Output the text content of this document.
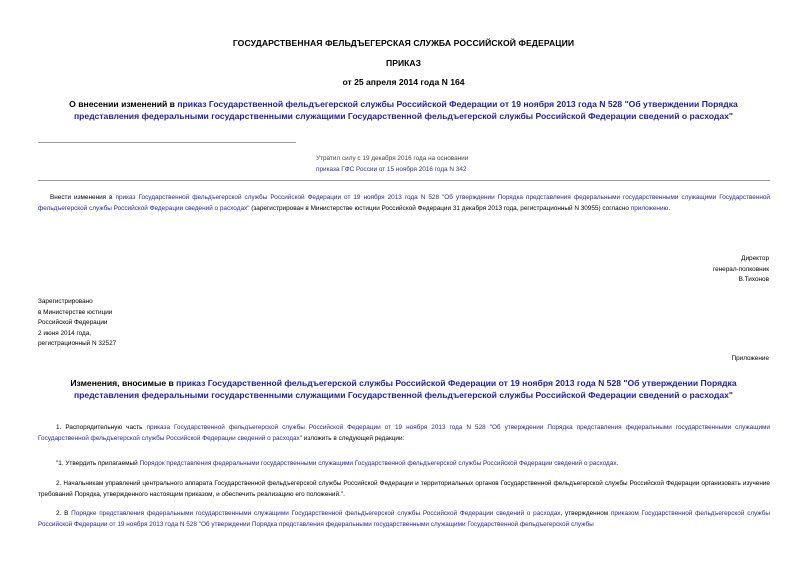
ГОСУДАРСТВЕННАЯ ФЕЛЬДЪЕГЕРСКАЯ СЛУЖБА РОССИЙСКОЙ ФЕДЕРАЦИИ
ПРИКАЗ
от 25 апреля 2014 года N 164
О внесении изменений в приказ Государственной фельдъегерской службы Российской Федерации от 19 ноября 2013 года N 528 "Об утверждении Порядка представления федеральными государственными служащими Государственной фельдъегерской службы Российской Федерации сведений о расходах"
Утратил силу с 19 декабря 2016 года на основании
приказа ГФС России от 15 ноября 2016 года N 342
Внести изменения в приказ Государственной фельдъегерской службы Российской Федерации от 19 ноября 2013 года N 528 "Об утверждении Порядка представления федеральными государственными служащими Государственной фельдъегерской службы Российской Федерации сведений о расходах" (зарегистрирован в Министерстве юстиции Российской Федерации 31 декабря 2013 года, регистрационный N 30955) согласно приложению.
Директор
генерал-полковник
В.Тихонов
Зарегистрировано
в Министерстве юстиции
Российской Федерации
2 июня 2014 года,
регистрационный N 32527
Приложение
Изменения, вносимые в приказ Государственной фельдъегерской службы Российской Федерации от 19 ноября 2013 года N 528 "Об утверждении Порядка представления федеральными государственными служащими Государственной фельдъегерской службы Российской Федерации сведений о расходах"
1. Распорядительную часть приказа Государственной фельдъегерской службы Российской Федерации от 19 ноября 2013 года N 528 "Об утверждении Порядка представления федеральными государственными служащими Государственной фельдъегерской службы Российской Федерации сведений о расходах" изложить в следующей редакции:
"1. Утвердить прилагаемый Порядок представления федеральными государственными служащими Государственной фельдъегерской службы Российской Федерации сведений о расходах.
2. Начальникам управлений центрального аппарата Государственной фельдъегерской службы Российской Федерации и территориальных органов Государственной фельдъегерской службы Российской Федерации организовать изучение требований Порядка, утвержденного настоящим приказом, и обеспечить реализацию его положений.".
2. В Порядке представления федеральными государственными служащими Государственной фельдъегерской службы Российской Федерации сведений о расходах, утвержденном приказом Государственной фельдъегерской службы Российской Федерации от 19 ноября 2013 года N 528 "Об утверждении Порядка представления федеральными государственными служащими Государственной фельдъегерской службы
